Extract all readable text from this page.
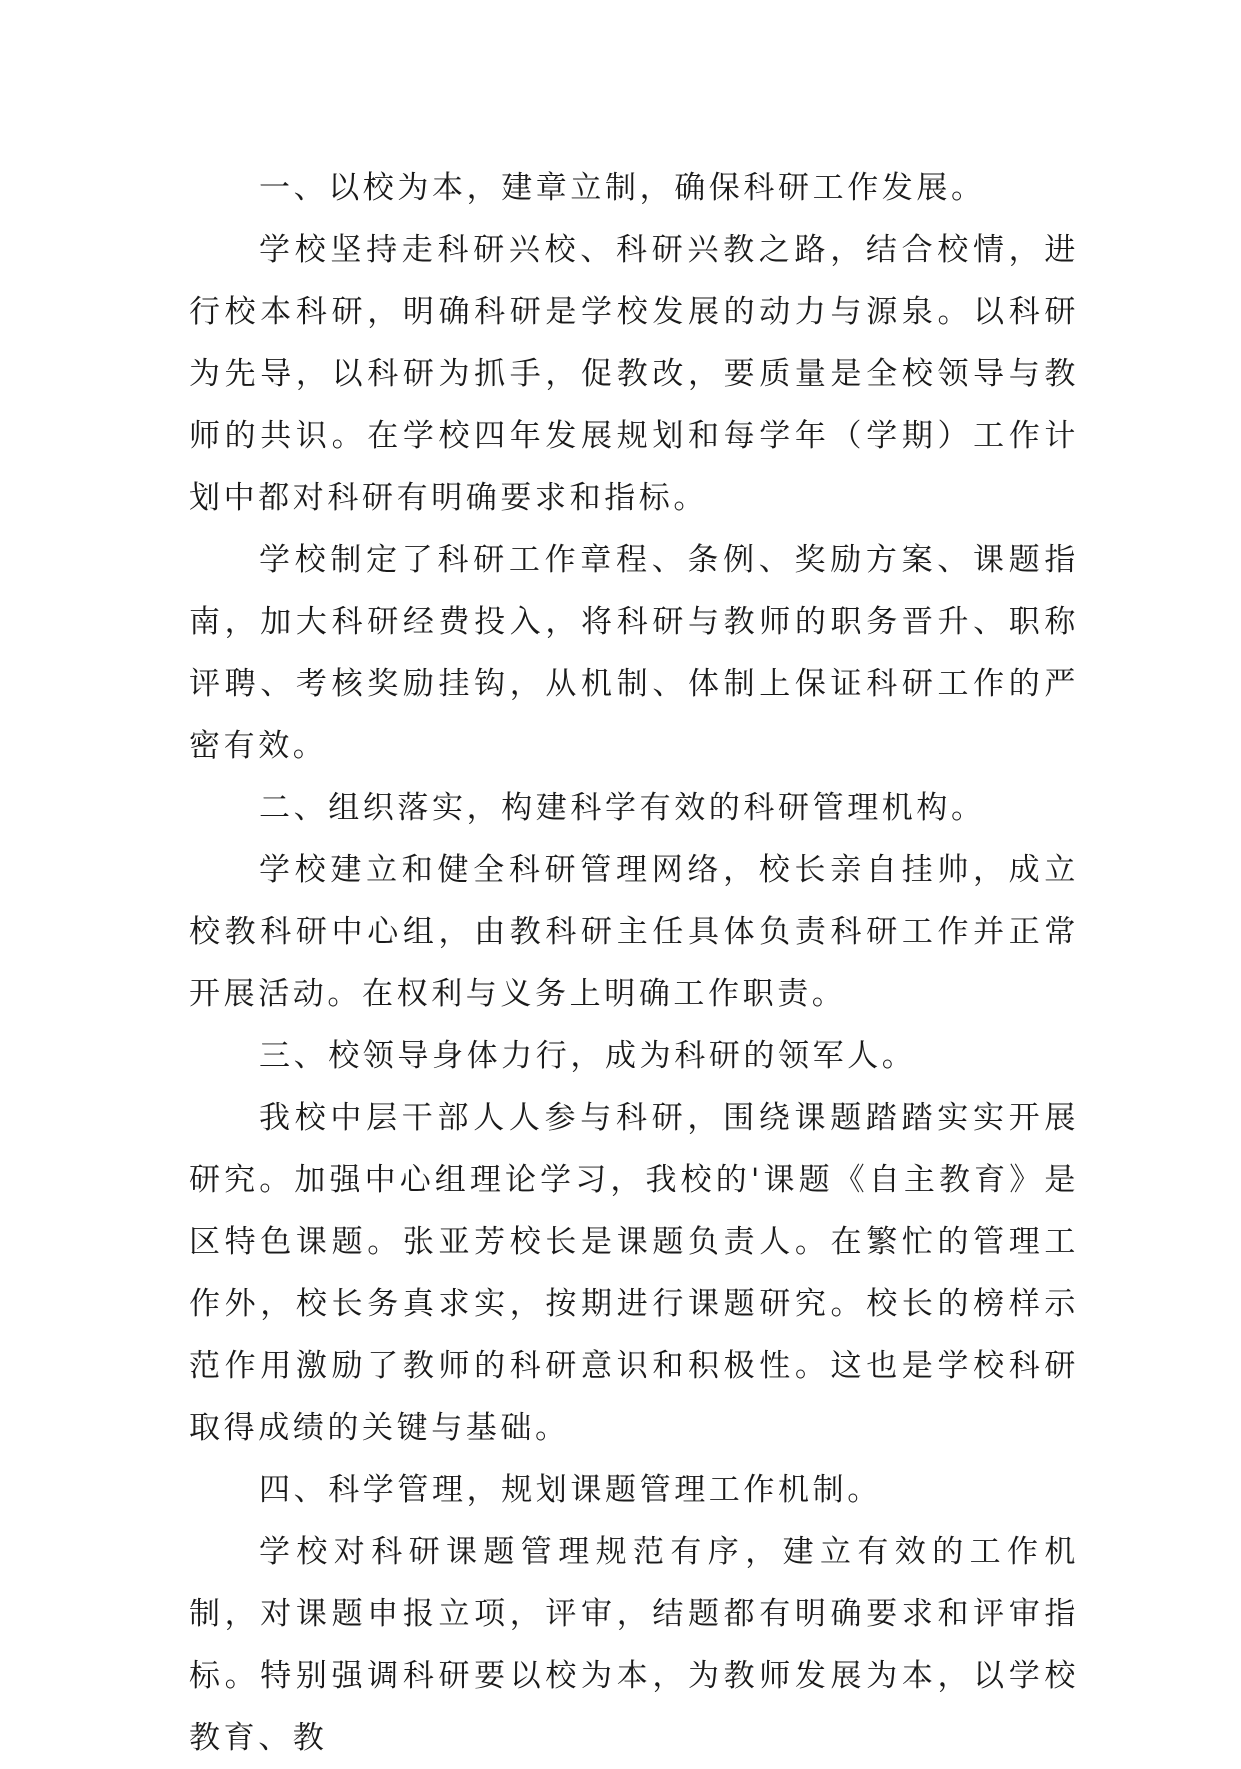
一、以校为本，建章立制，确保科研工作发展。

学校坚持走科研兴校、科研兴教之路，结合校情，进行校本科研，明确科研是学校发展的动力与源泉。以科研为先导，以科研为抓手，促教改，要质量是全校领导与教师的共识。在学校四年发展规划和每学年（学期）工作计划中都对科研有明确要求和指标。

学校制定了科研工作章程、条例、奖励方案、课题指南，加大科研经费投入，将科研与教师的职务晋升、职称评聘、考核奖励挂钩，从机制、体制上保证科研工作的严密有效。

二、组织落实，构建科学有效的科研管理机构。

学校建立和健全科研管理网络，校长亲自挂帅，成立校教科研中心组，由教科研主任具体负责科研工作并正常开展活动。在权利与义务上明确工作职责。

三、校领导身体力行，成为科研的领军人。

我校中层干部人人参与科研，围绕课题踏踏实实开展研究。加强中心组理论学习，我校的'课题《自主教育》是区特色课题。张亚芳校长是课题负责人。在繁忙的管理工作外，校长务真求实，按期进行课题研究。校长的榜样示范作用激励了教师的科研意识和积极性。这也是学校科研取得成绩的关键与基础。

四、科学管理，规划课题管理工作机制。

学校对科研课题管理规范有序，建立有效的工作机制，对课题申报立项，评审，结题都有明确要求和评审指标。特别强调科研要以校为本，为教师发展为本，以学校教育、教
